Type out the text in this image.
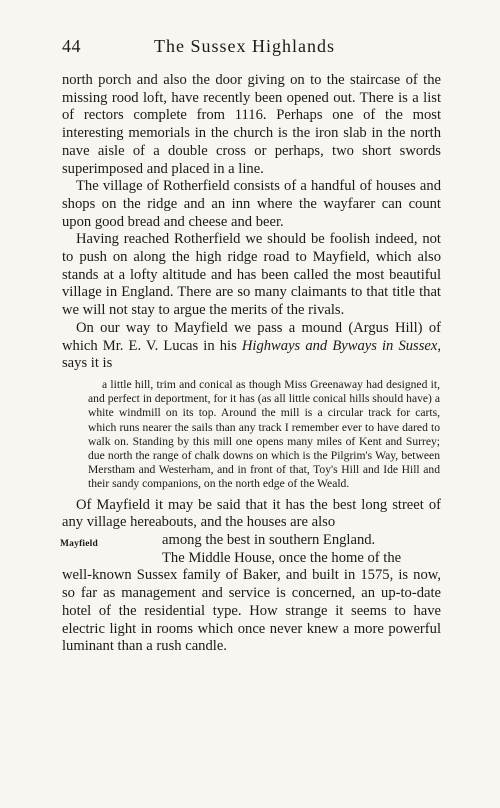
44	The Sussex Highlands

north porch and also the door giving on to the staircase of the missing rood loft, have recently been opened out. There is a list of rectors complete from 1116. Perhaps one of the most interesting memorials in the church is the iron slab in the north nave aisle of a double cross or perhaps, two short swords superimposed and placed in a line.

The village of Rotherfield consists of a handful of houses and shops on the ridge and an inn where the wayfarer can count upon good bread and cheese and beer.

Having reached Rotherfield we should be foolish indeed, not to push on along the high ridge road to Mayfield, which also stands at a lofty altitude and has been called the most beautiful village in England. There are so many claimants to that title that we will not stay to argue the merits of the rivals.

On our way to Mayfield we pass a mound (Argus Hill) of which Mr. E. V. Lucas in his Highways and Byways in Sussex, says it is

a little hill, trim and conical as though Miss Greenaway had designed it, and perfect in deportment, for it has (as all little conical hills should have) a white windmill on its top. Around the mill is a circular track for carts, which runs nearer the sails than any track I remember ever to have dared to walk on. Standing by this mill one opens many miles of Kent and Surrey; due north the range of chalk downs on which is the Pilgrim's Way, between Merstham and Westerham, and in front of that, Toy's Hill and Ide Hill and their sandy companions, on the north edge of the Weald.

Of Mayfield it may be said that it has the best long street of any village hereabouts, and the houses are also

Mayfield	among the best in southern England.
The Middle House, once the home of the

well-known Sussex family of Baker, and built in 1575, is now, so far as management and service is concerned, an up-to-date hotel of the residential type. How strange it seems to have electric light in rooms which once never knew a more powerful luminant than a rush candle.
